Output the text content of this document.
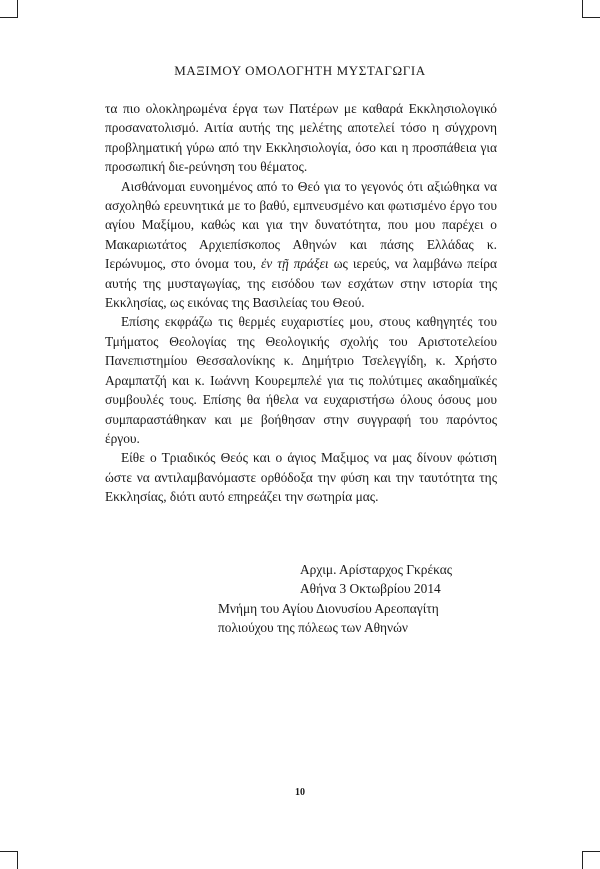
ΜΑΞΙΜΟΥ ΟΜΟΛΟΓΗΤΗ ΜΥΣΤΑΓΩΓΙΑ

τα πιο ολοκληρωμένα έργα των Πατέρων με καθαρά Εκκλησιολογικό προσανατολισμό. Αιτία αυτής της μελέτης αποτελεί τόσο η σύγχρονη προβληματική γύρω από την Εκκλησιολογία, όσο και η προσπάθεια για προσωπική διε-ρεύνηση του θέματος.

Αισθάνομαι ευνοημένος από το Θεό για το γεγονός ότι αξιώθηκα να ασχοληθώ ερευνητικά με το βαθύ, εμπνευσμένο και φωτισμένο έργο του αγίου Μαξίμου, καθώς και για την δυνατότητα, που μου παρέχει ο Μακαριωτάτος Αρχιεπίσκοπος Αθηνών και πάσης Ελλάδας κ. Ιερώνυμος, στο όνομα του, ἐν τῇ πράξει ως ιερεύς, να λαμβάνω πείρα αυτής της μυσταγωγίας, της εισόδου των εσχάτων στην ιστορία της Εκκλησίας, ως εικόνας της Βασιλείας του Θεού.

Επίσης εκφράζω τις θερμές ευχαριστίες μου, στους καθηγητές του Τμήματος Θεολογίας της Θεολογικής σχολής του Αριστοτελείου Πανεπιστημίου Θεσσαλονίκης κ. Δημήτριο Τσελεγγίδη, κ. Χρήστο Αραμπατζή και κ. Ιωάννη Κουρεμπελέ για τις πολύτιμες ακαδημαϊκές συμβουλές τους. Επίσης θα ήθελα να ευχαριστήσω όλους όσους μου συμπαραστάθηκαν και με βοήθησαν στην συγγραφή του παρόντος έργου.

Είθε ο Τριαδικός Θεός και ο άγιος Μαξιμος να μας δίνουν φώτιση ώστε να αντιλαμβανόμαστε ορθόδοξα την φύση και την ταυτότητα της Εκκλησίας, διότι αυτό επηρεάζει την σωτηρία μας.

Αρχιμ. Αρίσταρχος Γκρέκας
Αθήνα 3 Οκτωβρίου 2014
Μνήμη του Αγίου Διονυσίου Αρεοπαγίτη
πολιούχου της πόλεως των Αθηνών
10
